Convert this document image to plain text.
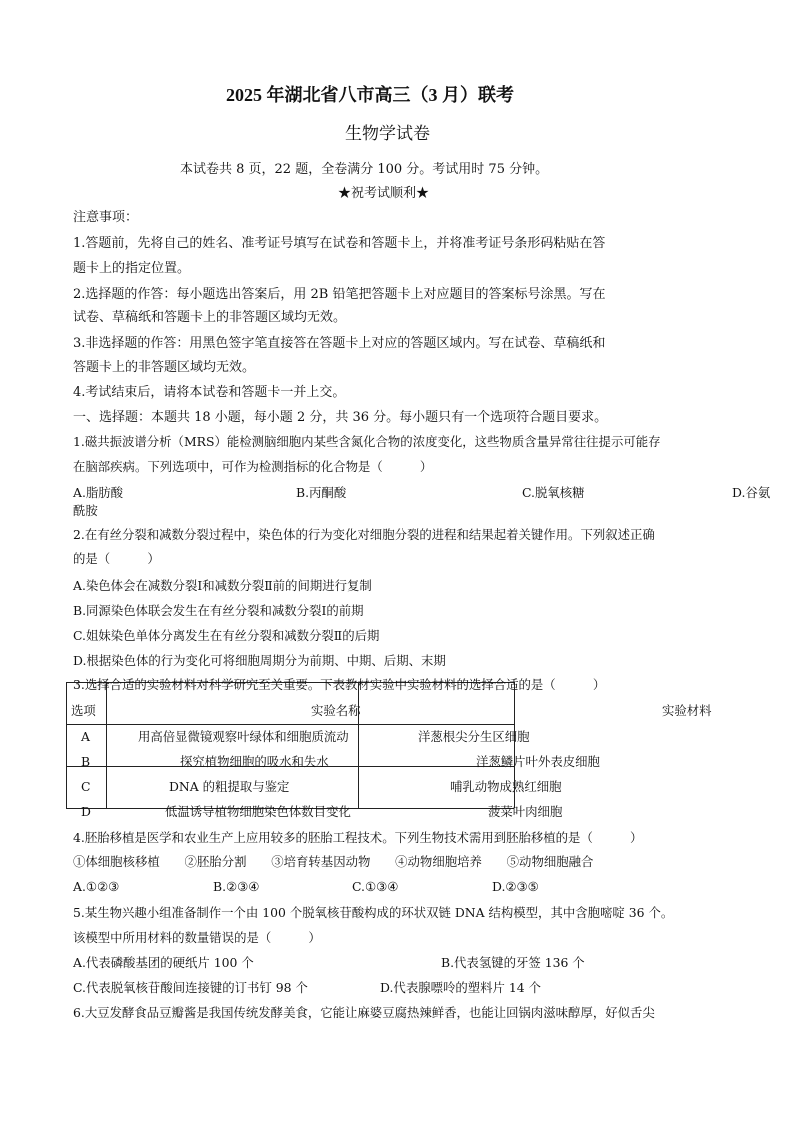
2025 年湖北省八市高三（3 月）联考
生物学试卷
本试卷共 8 页，22 题，全卷满分 100 分。考试用时 75 分钟。
★祝考试顺利★
注意事项：
1.答题前，先将自己的姓名、准考证号填写在试卷和答题卡上，并将准考证号条形码粘贴在答
题卡上的指定位置。
2.选择题的作答：每小题选出答案后，用 2B 铅笔把答题卡上对应题目的答案标号涂黑。写在
试卷、草稿纸和答题卡上的非答题区域均无效。
3.非选择题的作答：用黑色签字笔直接答在答题卡上对应的答题区域内。写在试卷、草稿纸和
答题卡上的非答题区域均无效。
4.考试结束后，请将本试卷和答题卡一并上交。
一、选择题：本题共 18 小题，每小题 2 分，共 36 分。每小题只有一个选项符合题目要求。
1.磁共振波谱分析（MRS）能检测脑细胞内某些含氮化合物的浓度变化，这些物质含量异常往往提示可能存
在脑部疾病。下列选项中，可作为检测指标的化合物是（　　　）
A.脂肪酸	B.丙酮酸	C.脱氧核糖	D.谷氨
酰胺
2.在有丝分裂和减数分裂过程中，染色体的行为变化对细胞分裂的进程和结果起着关键作用。下列叙述正确
的是（　　　）
A.染色体会在减数分裂Ⅰ和减数分裂Ⅱ前的间期进行复制
B.同源染色体联会发生在有丝分裂和减数分裂Ⅰ的前期
C.姐妹染色单体分离发生在有丝分裂和减数分裂Ⅱ的后期
D.根据染色体的行为变化可将细胞周期分为前期、中期、后期、末期
3.选择合适的实验材料对科学研究至关重要。下表教材实验中实验材料的选择合适的是（　　　）
选项	实验名称	实验材料
A	用高倍显微镜观察叶绿体和细胞质流动	洋葱根尖分生区细胞
B	探究植物细胞的吸水和失水	洋葱鳞片叶外表皮细胞
C	DNA 的粗提取与鉴定	哺乳动物成熟红细胞
D	低温诱导植物细胞染色体数目变化	菠菜叶肉细胞
4.胚胎移植是医学和农业生产上应用较多的胚胎工程技术。下列生物技术需用到胚胎移植的是（　　　）
①体细胞核移植　　②胚胎分割　　③培育转基因动物　　④动物细胞培养　　⑤动物细胞融合
A.①②③	B.②③④	C.①③④	D.②③⑤
5.某生物兴趣小组准备制作一个由 100 个脱氧核苷酸构成的环状双链 DNA 结构模型，其中含胞嘧啶 36 个。
该模型中所用材料的数量错误的是（　　　）
A.代表磷酸基团的硬纸片 100 个	B.代表氢键的牙签 136 个
C.代表脱氧核苷酸间连接键的订书钉 98 个	D.代表腺嘌呤的塑料片 14 个
6.大豆发酵食品豆瓣酱是我国传统发酵美食，它能让麻婆豆腐热辣鲜香，也能让回锅肉滋味醇厚，好似舌尖
